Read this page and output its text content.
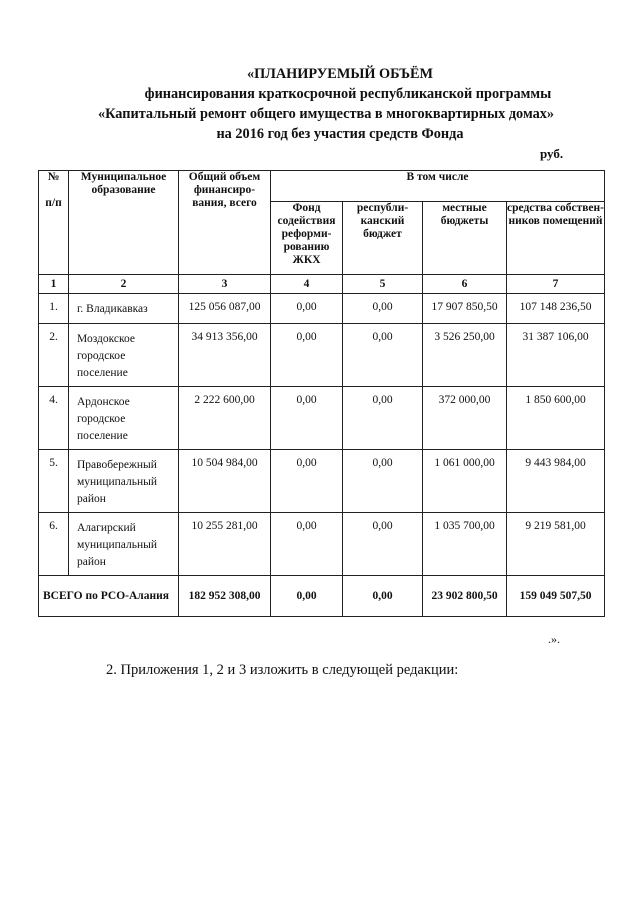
«ПЛАНИРУЕМЫЙ ОБЪЁМ
финансирования краткосрочной республиканской программы
«Капитальный ремонт общего имущества в многоквартирных домах»
на 2016 год без участия средств Фонда
руб.
№

п/п	Муниципальное образование	Общий объем финансиро-вания, всего	В том числе			
			Фонд содействия реформи-рованию ЖКХ	республи-канский бюджет	местные бюджеты	средства собствен-ников помещений
1	2	3	4	5	6	7
1.	г. Владикавказ	125 056 087,00	0,00	0,00	17 907 850,50	107 148 236,50
2.	Моздокское городское поселение	34 913 356,00	0,00	0,00	3 526 250,00	31 387 106,00
4.	Ардонское городское поселение	2 222 600,00	0,00	0,00	372 000,00	1 850 600,00
5.	Правобережный муниципальный район	10 504 984,00	0,00	0,00	1 061 000,00	9 443 984,00
6.	Алагирский муниципальный район	10 255 281,00	0,00	0,00	1 035 700,00	9 219 581,00
ВСЕГО по РСО-Алания		182 952 308,00	0,00	0,00	23 902 800,50	159 049 507,50
.».
2. Приложения 1, 2 и 3 изложить в следующей редакции:
